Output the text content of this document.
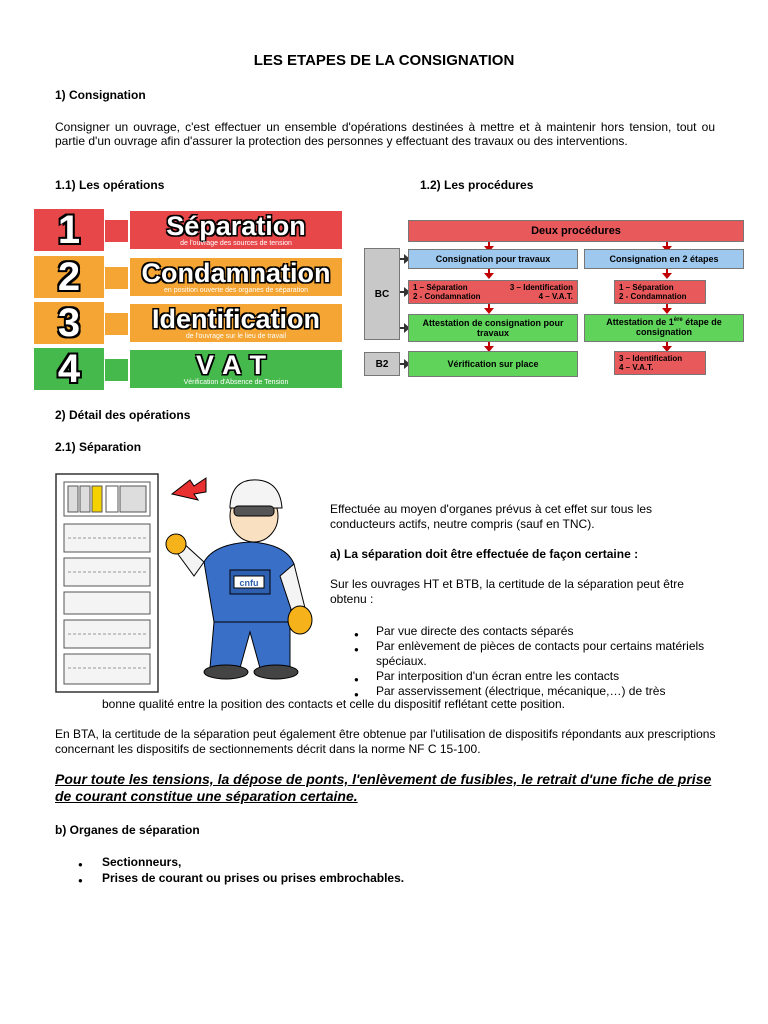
LES ETAPES DE LA CONSIGNATION
1) Consignation
Consigner un ouvrage, c'est effectuer un ensemble d'opérations destinées à mettre et à maintenir hors tension, tout ou partie d'un ouvrage afin d'assurer la protection des personnes y effectuant des travaux ou des interventions.
1.1) Les opérations	1.2) Les procédures
1	Séparation
de l'ouvrage des sources de tension
2	Condamnation
en position ouverte des organes de séparation
3	Identification
de l'ouvrage sur le lieu de travail
4	VAT
Vérification d'Absence de Tension
Deux procédures
BC
B2
Consignation pour travaux
1 – Séparation	3 – Identification
2 - Condamnation	4 – V.A.T.
Attestation de consignation pour travaux
Vérification sur place
Consignation en 2 étapes
1 – Séparation
2 - Condamnation
Attestation de 1ère étape de consignation
3 – Identification
4 – V.A.T.
2) Détail des opérations
2.1) Séparation
cnfu
Effectuée au moyen d'organes prévus à cet effet sur tous les conducteurs actifs, neutre compris (sauf en TNC).
a) La séparation doit être effectuée de façon certaine :
Sur les ouvrages HT et BTB, la certitude de la séparation peut être obtenu :
● Par vue directe des contacts séparés
● Par enlèvement de pièces de contacts pour certains matériels spéciaux.
● Par interposition d'un écran entre les contacts
● Par asservissement (électrique, mécanique,…) de très
bonne qualité entre la position des contacts et celle du dispositif reflétant cette position.
En BTA, la certitude de la séparation peut également être obtenue par l'utilisation de dispositifs répondants aux prescriptions concernant les dispositifs de sectionnements décrit dans la norme NF C 15-100.
Pour toute les tensions, la dépose de ponts, l'enlèvement de fusibles, le retrait d'une fiche de prise de courant constitue une séparation certaine.
b) Organes de séparation
● Sectionneurs,
● Prises de courant ou prises ou prises embrochables.
